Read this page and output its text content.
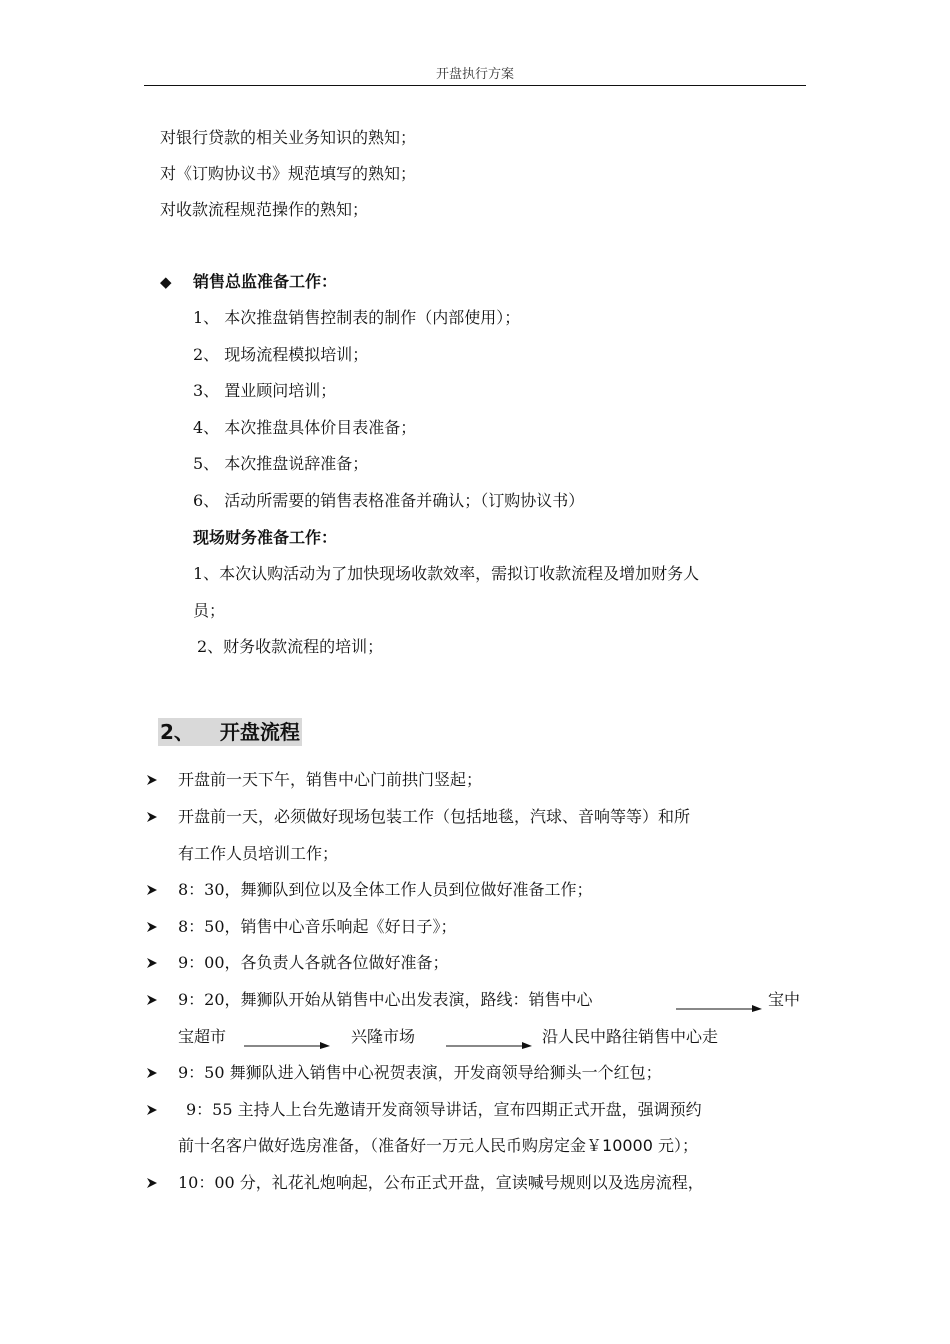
开盘执行方案
对银行贷款的相关业务知识的熟知；
对《订购协议书》规范填写的熟知；
对收款流程规范操作的熟知；
◆ 销售总监准备工作：
1、 本次推盘销售控制表的制作（内部使用）；
2、 现场流程模拟培训；
3、 置业顾问培训；
4、 本次推盘具体价目表准备；
5、 本次推盘说辞准备；
6、 活动所需要的销售表格准备并确认；（订购协议书）
现场财务准备工作：
1、本次认购活动为了加快现场收款效率，需拟订收款流程及增加财务人
员；
2、财务收款流程的培训；
2、 开盘流程
开盘前一天下午，销售中心门前拱门竖起；
开盘前一天，必须做好现场包装工作（包括地毯，汽球、音响等等）和所
有工作人员培训工作；
8：30，舞狮队到位以及全体工作人员到位做好准备工作；
8：50，销售中心音乐响起《好日子》；
9：00，各负责人各就各位做好准备；
9：20，舞狮队开始从销售中心出发表演，路线：销售中心	宝中
宝超市	兴隆市场	沿人民中路往销售中心走
9：50 舞狮队进入销售中心祝贺表演，开发商领导给狮头一个红包；
9：55 主持人上台先邀请开发商领导讲话，宣布四期正式开盘，强调预约
前十名客户做好选房准备，（准备好一万元人民币购房定金￥10000 元）；
10：00 分，礼花礼炮响起，公布正式开盘，宣读喊号规则以及选房流程，
